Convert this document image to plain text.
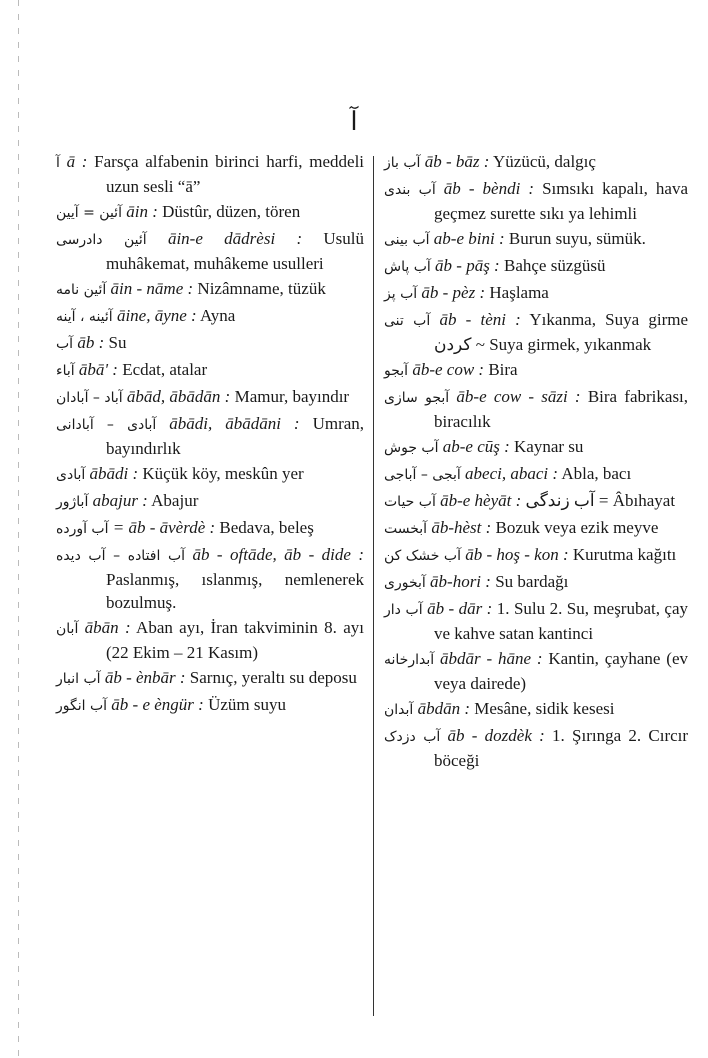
آ
آ ā : Farsça alfabenin birinci harfi, meddeli uzun sesli “ā”
آئین = آیین āin : Düstûr, düzen, tören
آئین دادرسی āin-e dādrèsi : Usulü muhâkemat, muhâkeme usulleri
آئین نامه āin - nāme : Nizâmname, tüzük
آئینه ، آینه āine, āyne : Ayna
آب āb : Su
آباء ābā' : Ecdat, atalar
آباد – آبادان ābād, ābādān : Mamur, bayındır
آبادی – آبادانی ābādi, ābādāni : Umran, bayındırlık
آبادی ābādi : Küçük köy, meskûn yer
آباژور abajur : Abajur
آب آورده = āb - āvèrdè : Bedava, beleş
آب افتاده – آب دیده āb - oftāde, āb - dide : Paslanmış, ıslanmış, nemlenerek bozulmuş.
آبان ābān : Aban ayı, İran takviminin 8. ayı (22 Ekim – 21 Kasım)
آب انبار āb - ènbār : Sarnıç, yeraltı su deposu
آب انگور āb - e èngür : Üzüm suyu
آب باز āb - bāz : Yüzücü, dalgıç
آب بندی āb - bèndi : Sımsıkı kapalı, hava geçmez surette sıkı ya lehimli
آب بینی ab-e bini : Burun suyu, sümük.
آب پاش āb - pāş : Bahçe süzgüsü
آب پز āb - pèz : Haşlama
آب تنی āb - tèni : Yıkanma, Suya girme کردن ~ Suya girmek, yıkanmak
آبجو āb-e cow : Bira
آبجو سازی āb-e cow - sāzi : Bira fabrikası, biracılık
آب جوش ab-e cūş : Kaynar su
آبجی – آباجی abeci, abaci : Abla, bacı
آب حیات āb-e hèyāt : آب زندگی = Âbıhayat
آبخست āb-hèst : Bozuk veya ezik meyve
آب خشک کن āb - hoş - kon : Kurutma kağıtı
آبخوری āb-hori : Su bardağı
آب دار āb - dār : 1. Sulu 2. Su, meşrubat, çay ve kahve satan kantinci
آبدارخانه ābdār - hāne : Kantin, çayhane (ev veya dairede)
آبدان ābdān : Mesâne, sidik kesesi
آب دزدک āb - dozdèk : 1. Şırınga 2. Cırcır böceği
